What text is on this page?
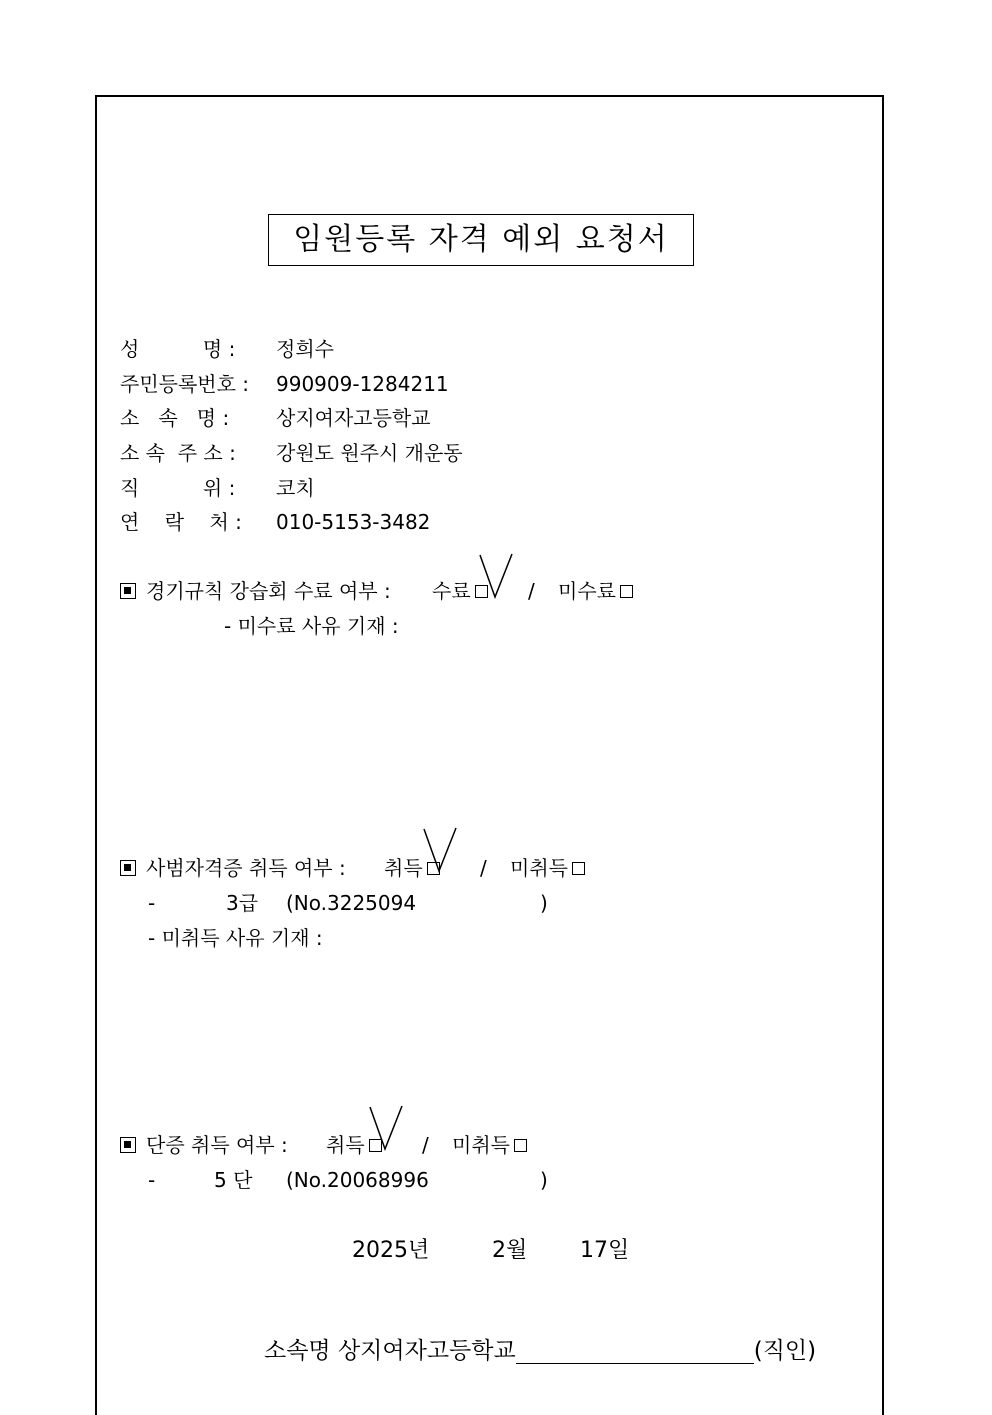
임원등록 자격 예외 요청서
성          명 : 정희수
주민등록번호 : 990909-1284211
소   속   명 : 상지여자고등학교
소 속  주 소 : 강원도 원주시 개운동
직          위 : 코치
연    락    처 : 010-5153-3482
경기규칙 강습회 수료 여부 : 수료	/ 미수료
- 미수료 사유 기재 :
사범자격증 취득 여부 : 취득	/ 미취득
-	3급 (No.3225094	)
- 미취득 사유 기재 :
단증 취득 여부 : 취득	/ 미취득
-	5 단 (No.20068996	)
2025년	2월 17일
소속명 상지여자고등학교	(직인)
